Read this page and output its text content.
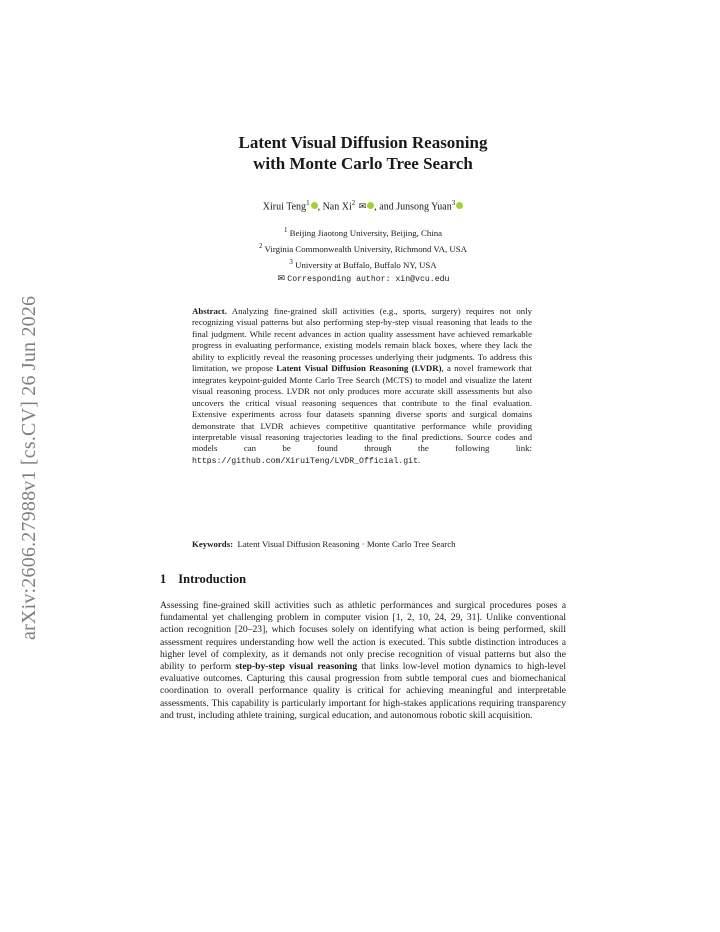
arXiv:2606.27988v1 [cs.CV] 26 Jun 2026
Latent Visual Diffusion Reasoning
with Monte Carlo Tree Search
Xirui Teng$^1$ , Nan Xi$^2$ ✉ , and Junsong Yuan$^3$
$^1$ Beijing Jiaotong University, Beijing, China
$^2$ Virginia Commonwealth University, Richmond VA, USA
$^3$ University at Buffalo, Buffalo NY, USA
✉ Corresponding author: xin@vcu.edu
Abstract. Analyzing fine-grained skill activities (e.g., sports, surgery) requires not only recognizing visual patterns but also performing step-by-step visual reasoning that leads to the final judgment. While recent advances in action quality assessment have achieved remarkable progress in evaluating performance, existing models remain black boxes, where they lack the ability to explicitly reveal the reasoning processes underlying their judgments. To address this limitation, we propose Latent Visual Diffusion Reasoning (LVDR), a novel framework that integrates keypoint-guided Monte Carlo Tree Search (MCTS) to model and visualize the latent visual reasoning process. LVDR not only produces more accurate skill assessments but also uncovers the critical visual reasoning sequences that contribute to the final evaluation. Extensive experiments across four datasets spanning diverse sports and surgical domains demonstrate that LVDR achieves competitive quantitative performance while providing interpretable visual reasoning trajectories leading to the final predictions. Source codes and models can be found through the following link: https://github.com/XiruiTeng/LVDR_Official.git.
Keywords: Latent Visual Diffusion Reasoning · Monte Carlo Tree Search
1 Introduction
Assessing fine-grained skill activities such as athletic performances and surgical procedures poses a fundamental yet challenging problem in computer vision [1, 2, 10, 24, 29, 31]. Unlike conventional action recognition [20–23], which focuses solely on identifying what action is being performed, skill assessment requires understanding how well the action is executed. This subtle distinction introduces a higher level of complexity, as it demands not only precise recognition of visual patterns but also the ability to perform step-by-step visual reasoning that links low-level motion dynamics to high-level evaluative outcomes. Capturing this causal progression from subtle temporal cues and biomechanical coordination to overall performance quality is critical for achieving meaningful and interpretable assessments. This capability is particularly important for high-stakes applications requiring transparency and trust, including athlete training, surgical education, and autonomous robotic skill acquisition.
